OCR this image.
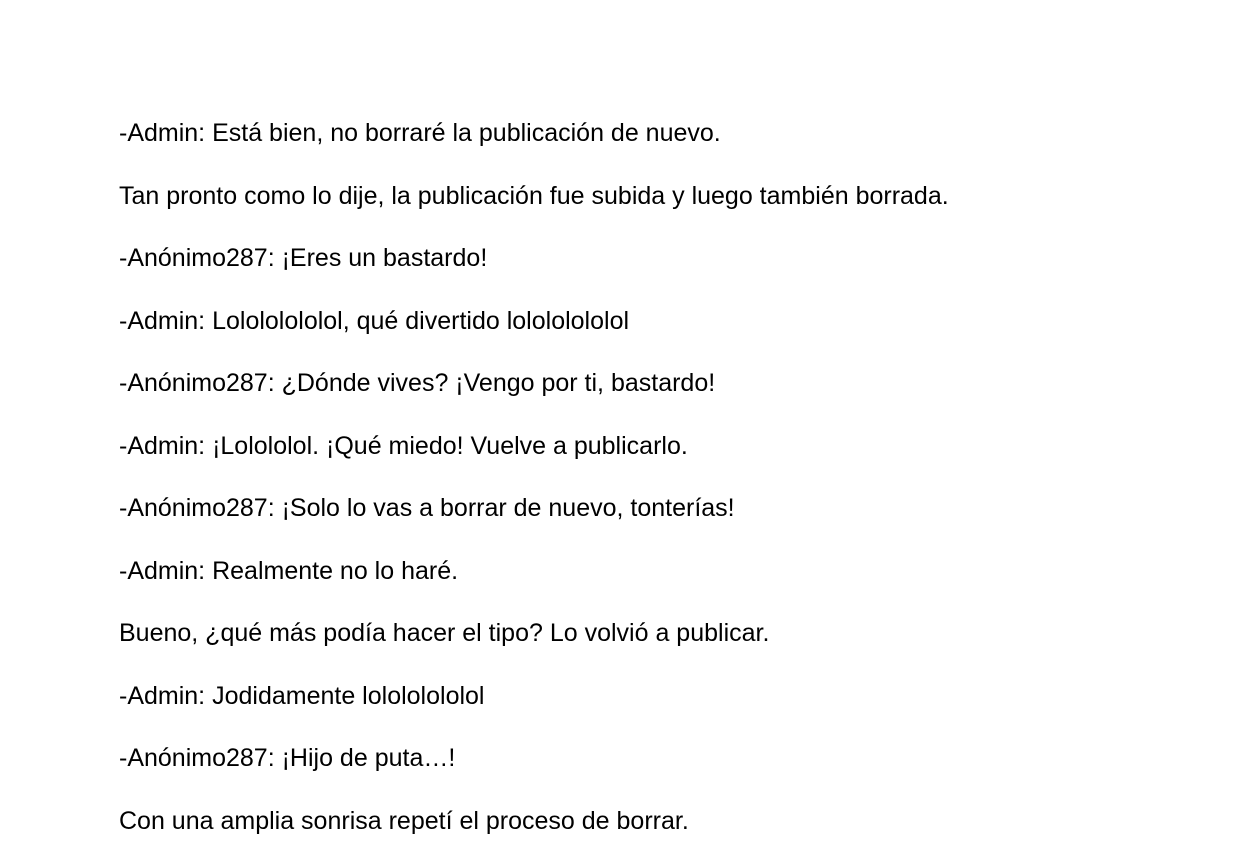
-Admin: Está bien, no borraré la publicación de nuevo.

Tan pronto como lo dije, la publicación fue subida y luego también borrada.

-Anónimo287: ¡Eres un bastardo!

-Admin: Lolololololol, qué divertido lolololololol

-Anónimo287: ¿Dónde vives? ¡Vengo por ti, bastardo!

-Admin: ¡Lolololol. ¡Qué miedo! Vuelve a publicarlo.

-Anónimo287: ¡Solo lo vas a borrar de nuevo, tonterías!

-Admin: Realmente no lo haré.

Bueno, ¿qué más podía hacer el tipo? Lo volvió a publicar.

-Admin: Jodidamente lolololololol

-Anónimo287: ¡Hijo de puta…!

Con una amplia sonrisa repetí el proceso de borrar.
